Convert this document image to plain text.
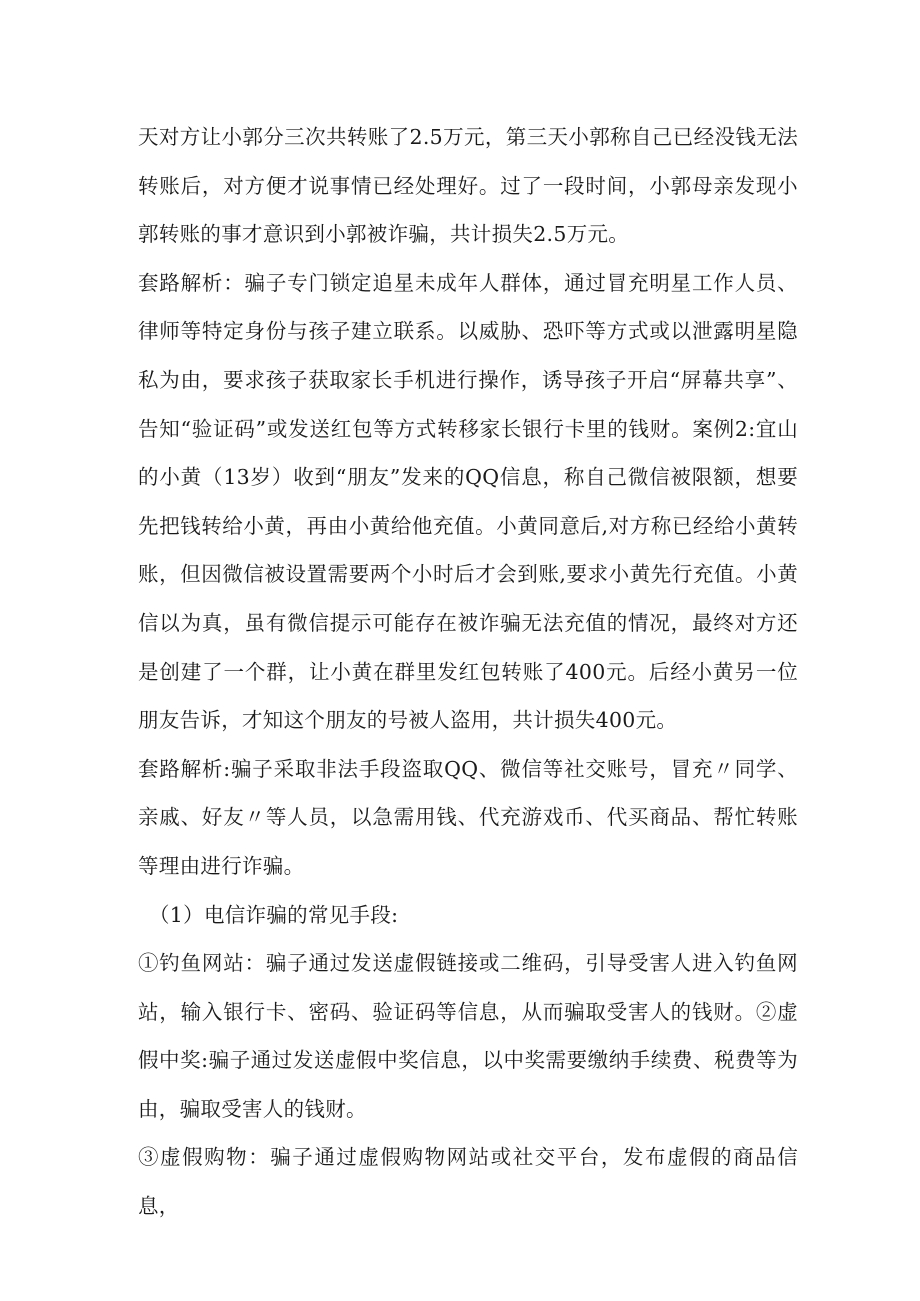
天对方让小郭分三次共转账了2.5万元，第三天小郭称自己已经没钱无法转账后，对方便才说事情已经处理好。过了一段时间，小郭母亲发现小郭转账的事才意识到小郭被诈骗，共计损失2.5万元。

套路解析：骗子专门锁定追星未成年人群体，通过冒充明星工作人员、律师等特定身份与孩子建立联系。以威胁、恐吓等方式或以泄露明星隐私为由，要求孩子获取家长手机进行操作，诱导孩子开启“屏幕共享”、告知“验证码”或发送红包等方式转移家长银行卡里的钱财。案例2:宜山的小黄（13岁）收到“朋友”发来的QQ信息，称自己微信被限额，想要先把钱转给小黄，再由小黄给他充值。小黄同意后,对方称已经给小黄转账，但因微信被设置需要两个小时后才会到账,要求小黄先行充值。小黄信以为真，虽有微信提示可能存在被诈骗无法充值的情况，最终对方还是创建了一个群，让小黄在群里发红包转账了400元。后经小黄另一位朋友告诉，才知这个朋友的号被人盗用，共计损失400元。

套路解析:骗子采取非法手段盗取QQ、微信等社交账号，冒充〃同学、亲戚、好友〃等人员，以急需用钱、代充游戏币、代买商品、帮忙转账等理由进行诈骗。

（1）电信诈骗的常见手段:

①钓鱼网站：骗子通过发送虚假链接或二维码，引导受害人进入钓鱼网站，输入银行卡、密码、验证码等信息，从而骗取受害人的钱财。②虚假中奖:骗子通过发送虚假中奖信息，以中奖需要缴纳手续费、税费等为由，骗取受害人的钱财。

③虚假购物：骗子通过虚假购物网站或社交平台，发布虚假的商品信息，
